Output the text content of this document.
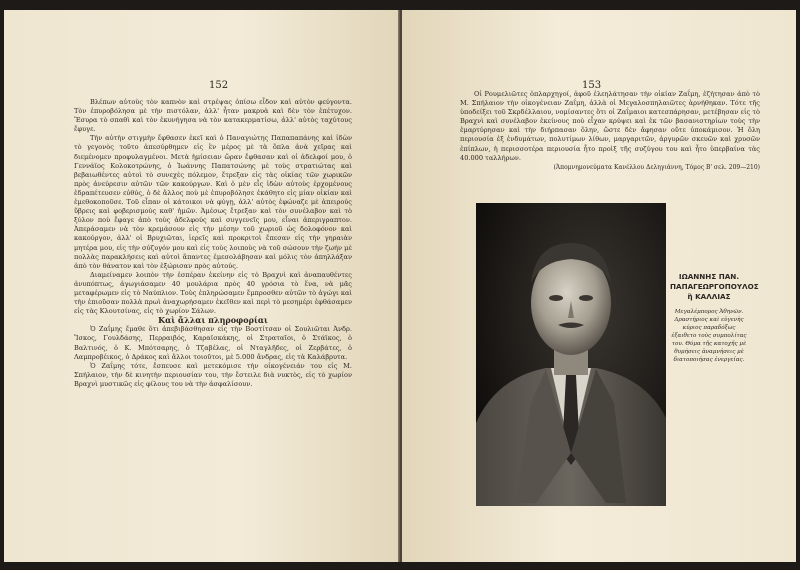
152

Βλέπων αὐτοὺς τὸν καπνὸν καὶ στρέψας ὀπίσω εἶδον καὶ αὐτὸν φεύγοντα. Τὸν ἐπυροβόλησα μὲ τὴν πιστόλαν, ἀλλ' ἦταν μακρυὰ καὶ δὲν τὸν ἐπέτυχον. Ἔσυρα τὸ σπαθὶ καὶ τὸν ἐκυνήγησα νὰ τὸν κατακερματίσω, ἀλλ' αὐτὸς ταχύτους ἔφυγε.

Τὴν αὐτὴν στιγμὴν ἔφθασεν ἐκεῖ καὶ ὁ Παναγιώτης Παπαπαπάνης καὶ ἰδὼν τὸ γεγονὸς τοῦτο ἀπεσύρθημεν εἰς ἓν μέρος μὲ τὰ ὅπλα ἀνὰ χεῖρας καὶ διεμένομεν προφυλαγμένοι. Μετὰ ἡμίσειαν ὥραν ἔφθασαν καὶ οἱ ἀδελφοί μου, ὁ Γεννάϊος Κολοκοτρώνης, ὁ Ἰωάννης Παπατσώνης μὲ τοὺς στρατιώτας καὶ βεβαιωθέντες αὐτοὶ τὸ συνεχὲς πόλεμον, ἔτρεξαν εἰς τὰς οἰκίας τῶν χωρικῶν πρὸς ἀνεύρεσιν αὐτῶν τῶν κακούργων. Καὶ ὁ μὲν εἷς ἰδὼν αὐτοὺς ἐρχομένους ἐδραπέτευσεν εὐθύς, ὁ δὲ ἄλλος ποὺ μὲ ἐπυροβόλησε ἐκάθητο εἰς μίαν οἰκίαν καὶ ἐμεθοκοποῦσε. Τοῦ εἶπαν οἱ κάτοικοι νὰ φύγῃ, ἀλλ' αὐτὸς ἐφώναζε μὲ ἀπειρούς ὕβρεις καὶ φοβερισμοὺς καθ' ἡμῶν. Ἀμέσως ἔτρεξαν καὶ τὸν συνέλαβον καὶ τὸ ξύλον ποὺ ἔφαγε ἀπὸ τοὺς ἀδελφούς καὶ συγγενεῖς μου, εἶναι ἀπεριγραπτον. Ἀπεράσαμεν νὰ τὸν κρεμάσουν εἰς τὴν μέσην τοῦ χωριοῦ ὡς δολοφόνον καὶ κακούργον, ἀλλ' οἱ Βρυχιῶται, ἱερεῖς καὶ προκριτοὶ ἔπεσαν εἰς τὴν γηραιὰν μητέρα μου, εἰς τὴν σύζυγόν μου καὶ εἰς τοὺς λοιποὺς νὰ τοῦ σώσουν τὴν ζωήν μὲ πολλὰς παρακλήσεις καὶ αὐτοὶ ἅπαντες ἐμεσολάβησαν καὶ μόλις τὸν ἀπηλλάξαν ἀπὸ τὸν θάνατον καὶ τὸν ἐξώρισαν πρὸς αὐτούς.

Διαμείναμεν λοιπὸν τὴν ἑσπέραν ἐκείνην εἰς τὸ Βραχνὶ καὶ ἀναπαυθέντες ἀνυπόπτως, ἀγωγιάσαμεν 40 μουλάρια πρὸς 40 γρόσια τὸ ἕνα, νὰ μᾶς μεταφέρωμεν εἰς τὸ Ναύπλιον. Τοὺς ἐπληρώσαμεν ἔμπροσθεν αὐτῶν τὸ ἀγώγι καὶ τὴν ἐπιοῦσαν πολλὰ πρωὶ ἀναχωρήσαμεν ἐκεῖθεν καὶ περὶ τὸ μεσημέρι ἐφθάσαμεν εἰς τὰς Κλουτσίνας, εἰς τὸ χωρίον Σάλων.

Καὶ ἄλλαι πληροφορίαι

Ὁ Ζαΐμης ἔμαθε ὅτι ἀπεβιβάσθησαν εἰς τὴν Βοστίτσαν οἱ Σουλιῶται Ἀνδρ. Ἴσκος, Γουλδάσης, Περραιβός, Καραϊσκάκης, οἱ Στραταῖοι, ὁ Στάϊκος, ὁ Βαλτινός, ὁ Κ. Μπότσαρης, ὁ Τζαβέλας, οἱ Νταγλῆδες, οἱ Ζερβάτες, ὁ Λαμπροβέικος, ὁ Δράκος καὶ ἄλλοι τοιοῦτοι, μὲ 5.000 ἄνδρας, εἰς τὰ Καλάβρυτα.

Ὁ Ζαΐμης τότε, ἔσπευσε καὶ μετεκόμισε τὴν οἰκογένειάν του εἰς Μ. Σπήλαιον, τὴν δὲ κινητὴν περιουσίαν του, τὴν ἔστειλε διὰ νυκτὸς, εἰς τὸ χωρίον Βραχνὶ μυστικῶς εἰς φίλους του νὰ τὴν ἀσφαλίσουν.

153

Οἱ Ρουμελιῶτες ὁπλαρχηγοί, ἀφοῦ ἐλεηλάτησαν τὴν οἰκίαν Ζαΐμη, ἐζήτησαν ἀπὸ τὸ Μ. Σπήλαιον τὴν οἰκογένειαν Ζαΐμη, ἀλλὰ οἱ Μεγαλοσπηλαιῶτες ἀρνήθηκαν. Τότε τῆς ὑποδείξει τοῦ Σκρδέλλαιου, νομίσαντες ὅτι οἱ Ζαΐμαιοι κατεσπάρησαν, μετέβησαν εἰς τὸ Βραχνὶ καὶ συνέλαβον ἐκείνους ποὺ εἶχαν κρύψει καὶ ἐκ τῶν βασανιστηρίων τοὺς τὴν ἐμαρτύρησαν καὶ τὴν διήρπασαν ὅλην, ὥστε δὲν ἄφησαν οὔτε ὑποκάμισον. Ἡ ὅλη περιουσία ἐξ ἐνδυμάτων, πολυτίμων λίθων, μαργαριτῶν, ἀργυρῶν σκευῶν καὶ χρυσῶν ἐπίπλων, ἡ περισσοτέρα περιουσία ἦτο προὶξ τῆς συζύγου του καὶ ἦτο ὑπερβαίνα τὰς 40.000 ταλλήρων.

(Ἀπομνημονεύματα Κανέλλου Δεληγιάννη, Τόμος Β' σελ. 209—210)

ΙΩΑΝΝΗΣ ΠΑΝ. ΠΑΠΑΓΕΩΡΓΟΠΟΥΛΟΣ ἢ ΚΑΛΛΙΑΣ
Μεγαλέμπορος Ἀθηνῶν. Δραστήριος καὶ εὐγενὴς κύριος παραδόξως ἐξαιθετο τοὺς συμπολίτας του. Θύμα τῆς κατοχῆς μὲ θυμήσεις ἀναμνήσεις μὲ διατοποιήσας ἐνεργείας.
